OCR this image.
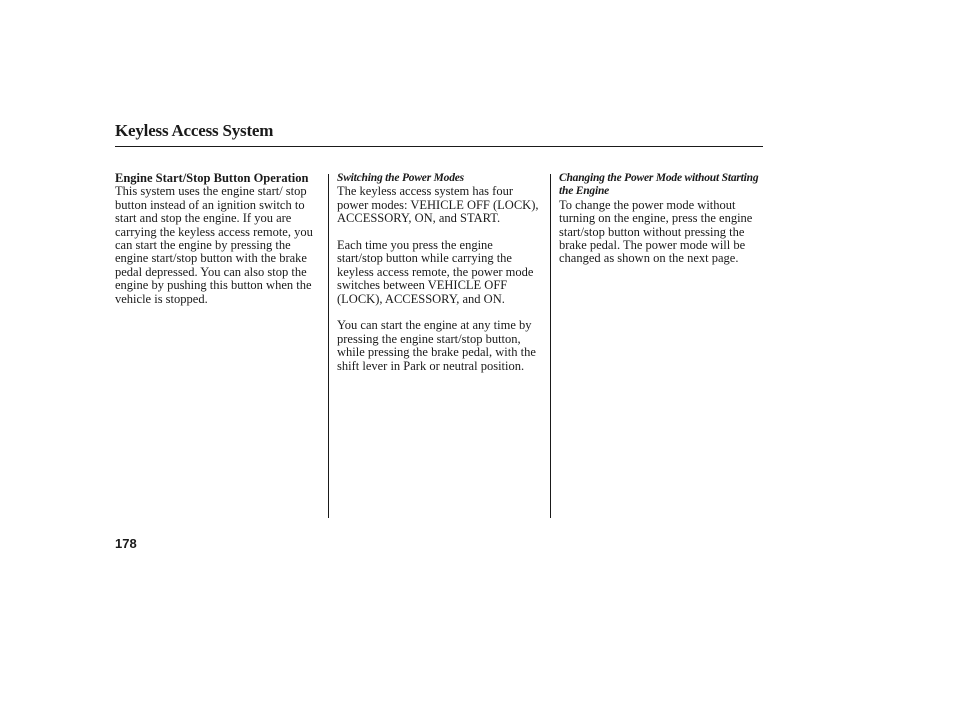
Keyless Access System
Engine Start/Stop Button Operation

This system uses the engine start/ stop button instead of an ignition switch to start and stop the engine. If you are carrying the keyless access remote, you can start the engine by pressing the engine start/stop button with the brake pedal depressed. You can also stop the engine by pushing this button when the vehicle is stopped.

Switching the Power Modes

The keyless access system has four power modes: VEHICLE OFF (LOCK), ACCESSORY, ON, and START.

Each time you press the engine start/stop button while carrying the keyless access remote, the power mode switches between VEHICLE OFF (LOCK), ACCESSORY, and ON.

You can start the engine at any time by pressing the engine start/stop button, while pressing the brake pedal, with the shift lever in Park or neutral position.

Changing the Power Mode without Starting the Engine

To change the power mode without turning on the engine, press the engine start/stop button without pressing the brake pedal. The power mode will be changed as shown on the next page.

178
